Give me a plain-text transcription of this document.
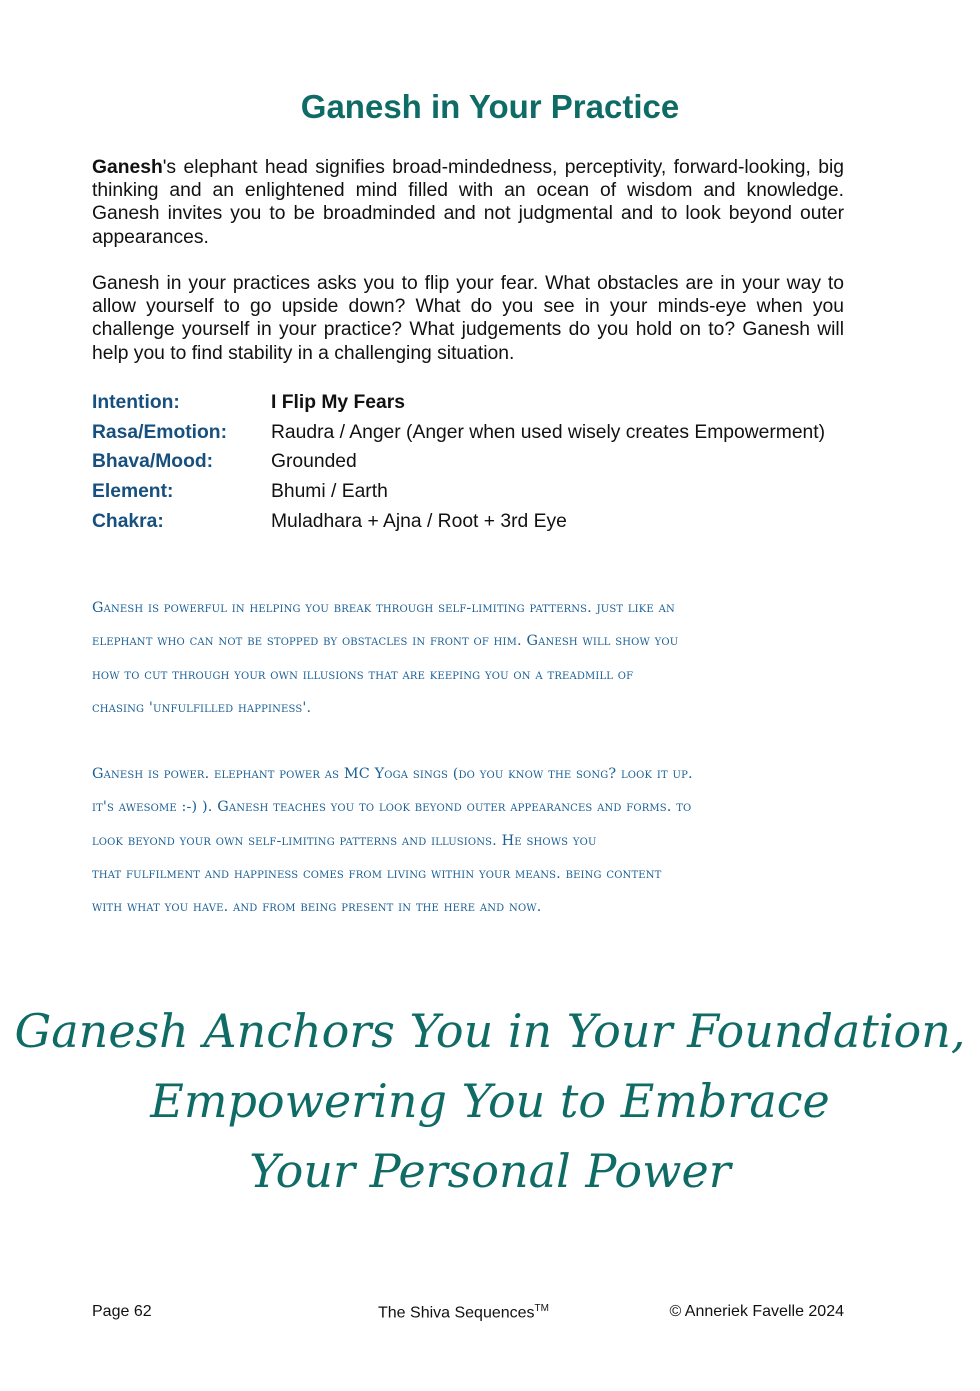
Ganesh in Your Practice

Ganesh's elephant head signifies broad-mindedness, perceptivity, forward-looking, big thinking and an enlightened mind filled with an ocean of wisdom and knowledge. Ganesh invites you to be broadminded and not judgmental and to look beyond outer appearances.

Ganesh in your practices asks you to flip your fear. What obstacles are in your way to allow yourself to go upside down? What do you see in your minds-eye when you challenge yourself in your practice? What judgements do you hold on to? Ganesh will help you to find stability in a challenging situation.

Intention:	I Flip My Fears
Rasa/Emotion:	Raudra / Anger (Anger when used wisely creates Empowerment)
Bhava/Mood:	Grounded
Element:	Bhumi / Earth
Chakra:	Muladhara + Ajna / Root + 3rd Eye

Ganesh is powerful in helping you break through self-limiting patterns. just like an
elephant who can not be stopped by obstacles in front of him. Ganesh will show you
how to cut through your own illusions that are keeping you on a treadmill of
chasing 'unfulfilled happiness'.

Ganesh is power. elephant power as MC Yoga sings (do you know the song? look it up.
it's awesome :-) ). Ganesh teaches you to look beyond outer appearances and forms. to
look beyond your own self-limiting patterns and illusions. He shows you
that fulfilment and happiness comes from living within your means. being content
with what you have. and from being present in the here and now.

Ganesh Anchors You in Your Foundation,
Empowering You to Embrace
Your Personal Power
Page 62	The Shiva Sequences™	© Anneriek Favelle 2024
